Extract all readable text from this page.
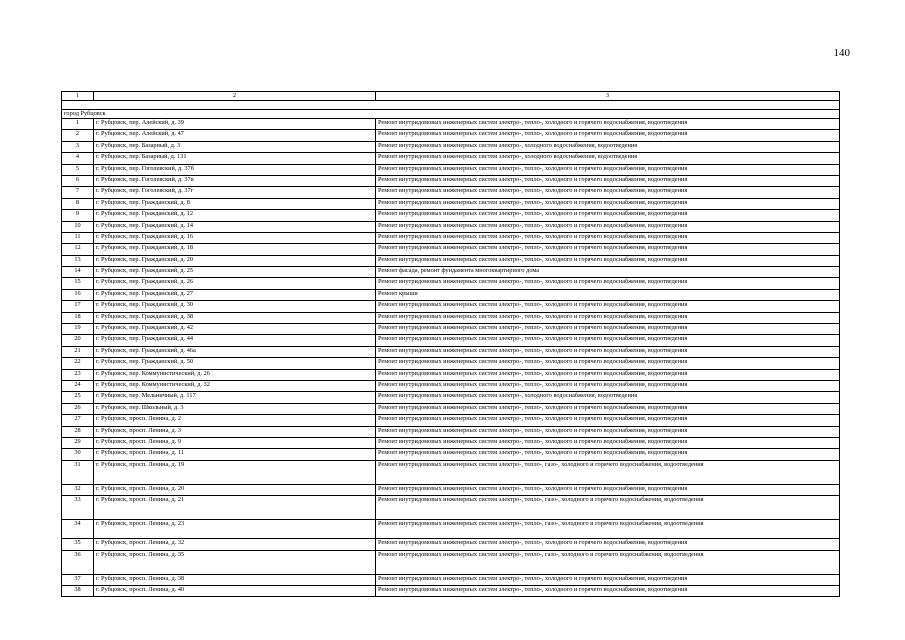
140
1	2	3

город Рубцовск		
1	г. Рубцовск, пер. Алейский, д. 39	Ремонт внутридомовых инженерных систем электро-, тепло-, холодного и горячего водоснабжения, водоотведения
2	г. Рубцовск, пер. Алейский, д. 47	Ремонт внутридомовых инженерных систем электро-, тепло-, холодного и горячего водоснабжения, водоотведения
3	г. Рубцовск, пер. Базарный, д. 3	Ремонт внутридомовых инженерных систем электро-, холодного водоснабжения, водоотведения
4	г. Рубцовск, пер. Базарный, д. 131	Ремонт внутридомовых инженерных систем электро-, холодного водоснабжения, водоотведения
5	г. Рубцовск, пер. Гоголевский, д. 37б	Ремонт внутридомовых инженерных систем электро-, тепло-, холодного и горячего водоснабжения, водоотведения
6	г. Рубцовск, пер. Гоголевский, д. 37в	Ремонт внутридомовых инженерных систем электро-, тепло-, холодного и горячего водоснабжения, водоотведения
7	г. Рубцовск, пер. Гоголевский, д. 37г	Ремонт внутридомовых инженерных систем электро-, тепло-, холодного и горячего водоснабжения, водоотведения
8	г. Рубцовск, пер. Гражданский, д. 8	Ремонт внутридомовых инженерных систем электро-, тепло-, холодного и горячего водоснабжения, водоотведения
9	г. Рубцовск, пер. Гражданский, д. 12	Ремонт внутридомовых инженерных систем электро-, тепло-, холодного и горячего водоснабжения, водоотведения
10	г. Рубцовск, пер. Гражданский, д. 14	Ремонт внутридомовых инженерных систем электро-, тепло-, холодного и горячего водоснабжения, водоотведения
11	г. Рубцовск, пер. Гражданский, д. 16	Ремонт внутридомовых инженерных систем электро-, тепло-, холодного и горячего водоснабжения, водоотведения
12	г. Рубцовск, пер. Гражданский, д. 18	Ремонт внутридомовых инженерных систем электро-, тепло-, холодного и горячего водоснабжения, водоотведения
13	г. Рубцовск, пер. Гражданский, д. 20	Ремонт внутридомовых инженерных систем электро-, тепло-, холодного и горячего водоснабжения, водоотведения
14	г. Рубцовск, пер. Гражданский, д. 25	Ремонт фасада, ремонт фундамента многоквартирного дома
15	г. Рубцовск, пер. Гражданский, д. 26	Ремонт внутридомовых инженерных систем электро-, тепло-, холодного и горячего водоснабжения, водоотведения
16	г. Рубцовск, пер. Гражданский, д. 27	Ремонт крыши
17	г. Рубцовск, пер. Гражданский, д. 30	Ремонт внутридомовых инженерных систем электро-, тепло-, холодного и горячего водоснабжения, водоотведения
18	г. Рубцовск, пер. Гражданский, д. 38	Ремонт внутридомовых инженерных систем электро-, тепло-, холодного и горячего водоснабжения, водоотведения
19	г. Рубцовск, пер. Гражданский, д. 42	Ремонт внутридомовых инженерных систем электро-, тепло-, холодного и горячего водоснабжения, водоотведения
20	г. Рубцовск, пер. Гражданский, д. 44	Ремонт внутридомовых инженерных систем электро-, тепло-, холодного и горячего водоснабжения, водоотведения
21	г. Рубцовск, пер. Гражданский, д. 46а	Ремонт внутридомовых инженерных систем электро-, тепло-, холодного и горячего водоснабжения, водоотведения
22	г. Рубцовск, пер. Гражданский, д. 50	Ремонт внутридомовых инженерных систем электро-, тепло-, холодного и горячего водоснабжения, водоотведения
23	г. Рубцовск, пер. Коммунистический, д. 26	Ремонт внутридомовых инженерных систем электро-, тепло-, холодного и горячего водоснабжения, водоотведения
24	г. Рубцовск, пер. Коммунистический, д. 32	Ремонт внутридомовых инженерных систем электро-, тепло-, холодного и горячего водоснабжения, водоотведения
25	г. Рубцовск, пер. Мельничный, д. 117	Ремонт внутридомовых инженерных систем электро-, холодного водоснабжения, водоотведения
26	г. Рубцовск, пер. Школьный, д. 3	Ремонт внутридомовых инженерных систем электро-, тепло-, холодного и горячего водоснабжения, водоотведения
27	г. Рубцовск, просп. Ленина, д. 2	Ремонт внутридомовых инженерных систем электро-, тепло-, холодного и горячего водоснабжения, водоотведения
28	г. Рубцовск, просп. Ленина, д. 3	Ремонт внутридомовых инженерных систем электро-, тепло-, холодного и горячего водоснабжения, водоотведения
29	г. Рубцовск, просп. Ленина, д. 9	Ремонт внутридомовых инженерных систем электро-, тепло-, холодного и горячего водоснабжения, водоотведения
30	г. Рубцовск, просп. Ленина, д. 11	Ремонт внутридомовых инженерных систем электро-, тепло-, холодного и горячего водоснабжения, водоотведения
31	г. Рубцовск, просп. Ленина, д. 19	Ремонт внутридомовых инженерных систем электро-, тепло-, газо-, холодного и горячего водоснабжения, водоотведения
32	г. Рубцовск, просп. Ленина, д. 20	Ремонт внутридомовых инженерных систем электро-, тепло-, холодного и горячего водоснабжения, водоотведения
33	г. Рубцовск, просп. Ленина, д. 21	Ремонт внутридомовых инженерных систем электро-, тепло-, газо-, холодного и горячего водоснабжения, водоотведения
34	г. Рубцовск, просп. Ленина, д. 23	Ремонт внутридомовых инженерных систем электро-, тепло-, газо-, холодного и горячего водоснабжения, водоотведения
35	г. Рубцовск, просп. Ленина, д. 32	Ремонт внутридомовых инженерных систем электро-, тепло-, холодного и горячего водоснабжения, водоотведения
36	г. Рубцовск, просп. Ленина, д. 35	Ремонт внутридомовых инженерных систем электро-, тепло-, газо-, холодного и горячего водоснабжения, водоотведения
37	г. Рубцовск, просп. Ленина, д. 38	Ремонт внутридомовых инженерных систем электро-, тепло-, холодного и горячего водоснабжения, водоотведения
38	г. Рубцовск, просп. Ленина, д. 40	Ремонт внутридомовых инженерных систем электро-, тепло-, холодного и горячего водоснабжения, водоотведения
